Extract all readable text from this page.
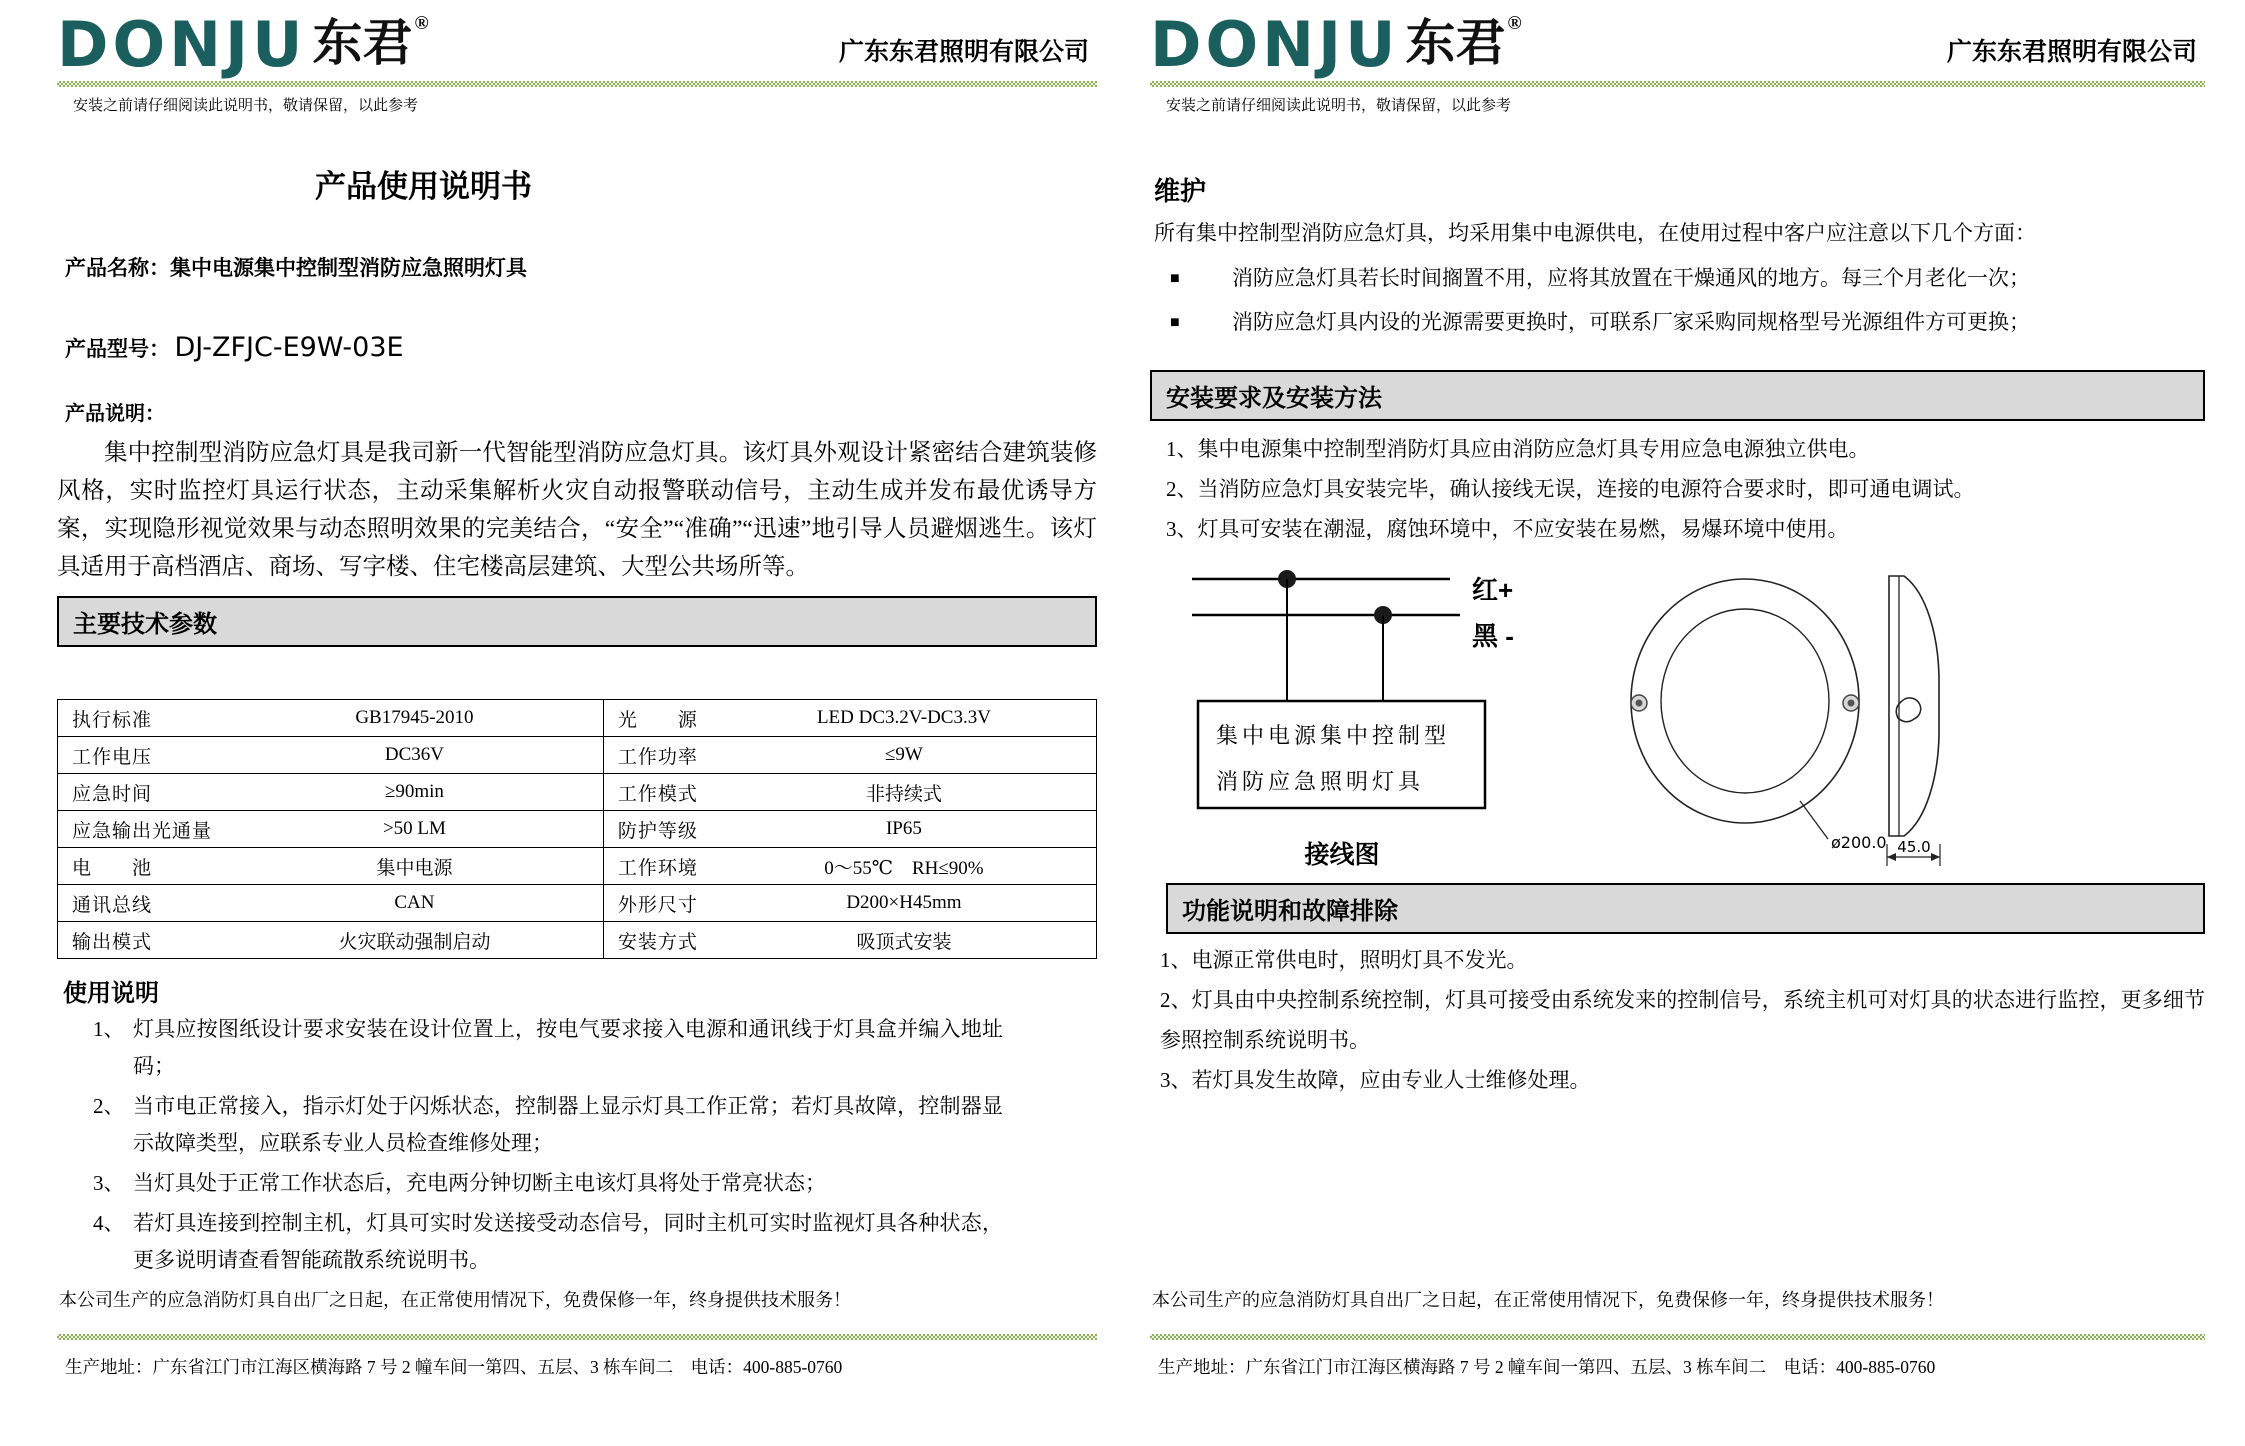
DONJU 东君 ®
广东东君照明有限公司
安装之前请仔细阅读此说明书，敬请保留，以此参考
产品使用说明书
产品名称：集中电源集中控制型消防应急照明灯具
产品型号： DJ-ZFJC-E9W-03E
产品说明：
集中控制型消防应急灯具是我司新一代智能型消防应急灯具。该灯具外观设计紧密结合建筑装修风格，实时监控灯具运行状态，主动采集解析火灾自动报警联动信号，主动生成并发布最优诱导方案，实现隐形视觉效果与动态照明效果的完美结合，“安全”“准确”“迅速”地引导人员避烟逃生。该灯具适用于高档酒店、商场、写字楼、住宅楼高层建筑、大型公共场所等。
主要技术参数
执行标准 GB17945-2010	光　　源 LED DC3.2V-DC3.3V

工作电压 DC36V	工作功率 ≤9W

应急时间 ≥90min	工作模式 非持续式

应急输出光通量 >50 LM	防护等级 IP65

电　　池 集中电源	工作环境 0～55℃　RH≤90%

通讯总线 CAN	外形尺寸 D200×H45mm

输出模式 火灾联动强制启动	安装方式 吸顶式安装
使用说明
1、 灯具应按图纸设计要求安装在设计位置上，按电气要求接入电源和通讯线于灯具盒并编入地址码；
2、 当市电正常接入，指示灯处于闪烁状态，控制器上显示灯具工作正常；若灯具故障，控制器显示故障类型，应联系专业人员检查维修处理；
3、 当灯具处于正常工作状态后，充电两分钟切断主电该灯具将处于常亮状态；
4、 若灯具连接到控制主机，灯具可实时发送接受动态信号，同时主机可实时监视灯具各种状态，更多说明请查看智能疏散系统说明书。
本公司生产的应急消防灯具自出厂之日起，在正常使用情况下，免费保修一年，终身提供技术服务！
生产地址：广东省江门市江海区横海路 7 号 2 幢车间一第四、五层、3 栋车间二　电话：400-885-0760
DONJU 东君 ®
广东东君照明有限公司
安装之前请仔细阅读此说明书，敬请保留，以此参考
维护
所有集中控制型消防应急灯具，均采用集中电源供电，在使用过程中客户应注意以下几个方面：
■	消防应急灯具若长时间搁置不用，应将其放置在干燥通风的地方。每三个月老化一次；
■	消防应急灯具内设的光源需要更换时，可联系厂家采购同规格型号光源组件方可更换；
安装要求及安装方法
1、集中电源集中控制型消防灯具应由消防应急灯具专用应急电源独立供电。
2、当消防应急灯具安装完毕，确认接线无误，连接的电源符合要求时，即可通电调试。
3、灯具可安装在潮湿，腐蚀环境中，不应安装在易燃，易爆环境中使用。
红+
黑 -
集中电源集中控制型
消防应急照明灯具
接线图	ø200.0 45.0
功能说明和故障排除
1、电源正常供电时，照明灯具不发光。
2、灯具由中央控制系统控制，灯具可接受由系统发来的控制信号，系统主机可对灯具的状态进行监控，更多细节参照控制系统说明书。
3、若灯具发生故障，应由专业人士维修处理。
本公司生产的应急消防灯具自出厂之日起，在正常使用情况下，免费保修一年，终身提供技术服务！
生产地址：广东省江门市江海区横海路 7 号 2 幢车间一第四、五层、3 栋车间二　电话：400-885-0760
